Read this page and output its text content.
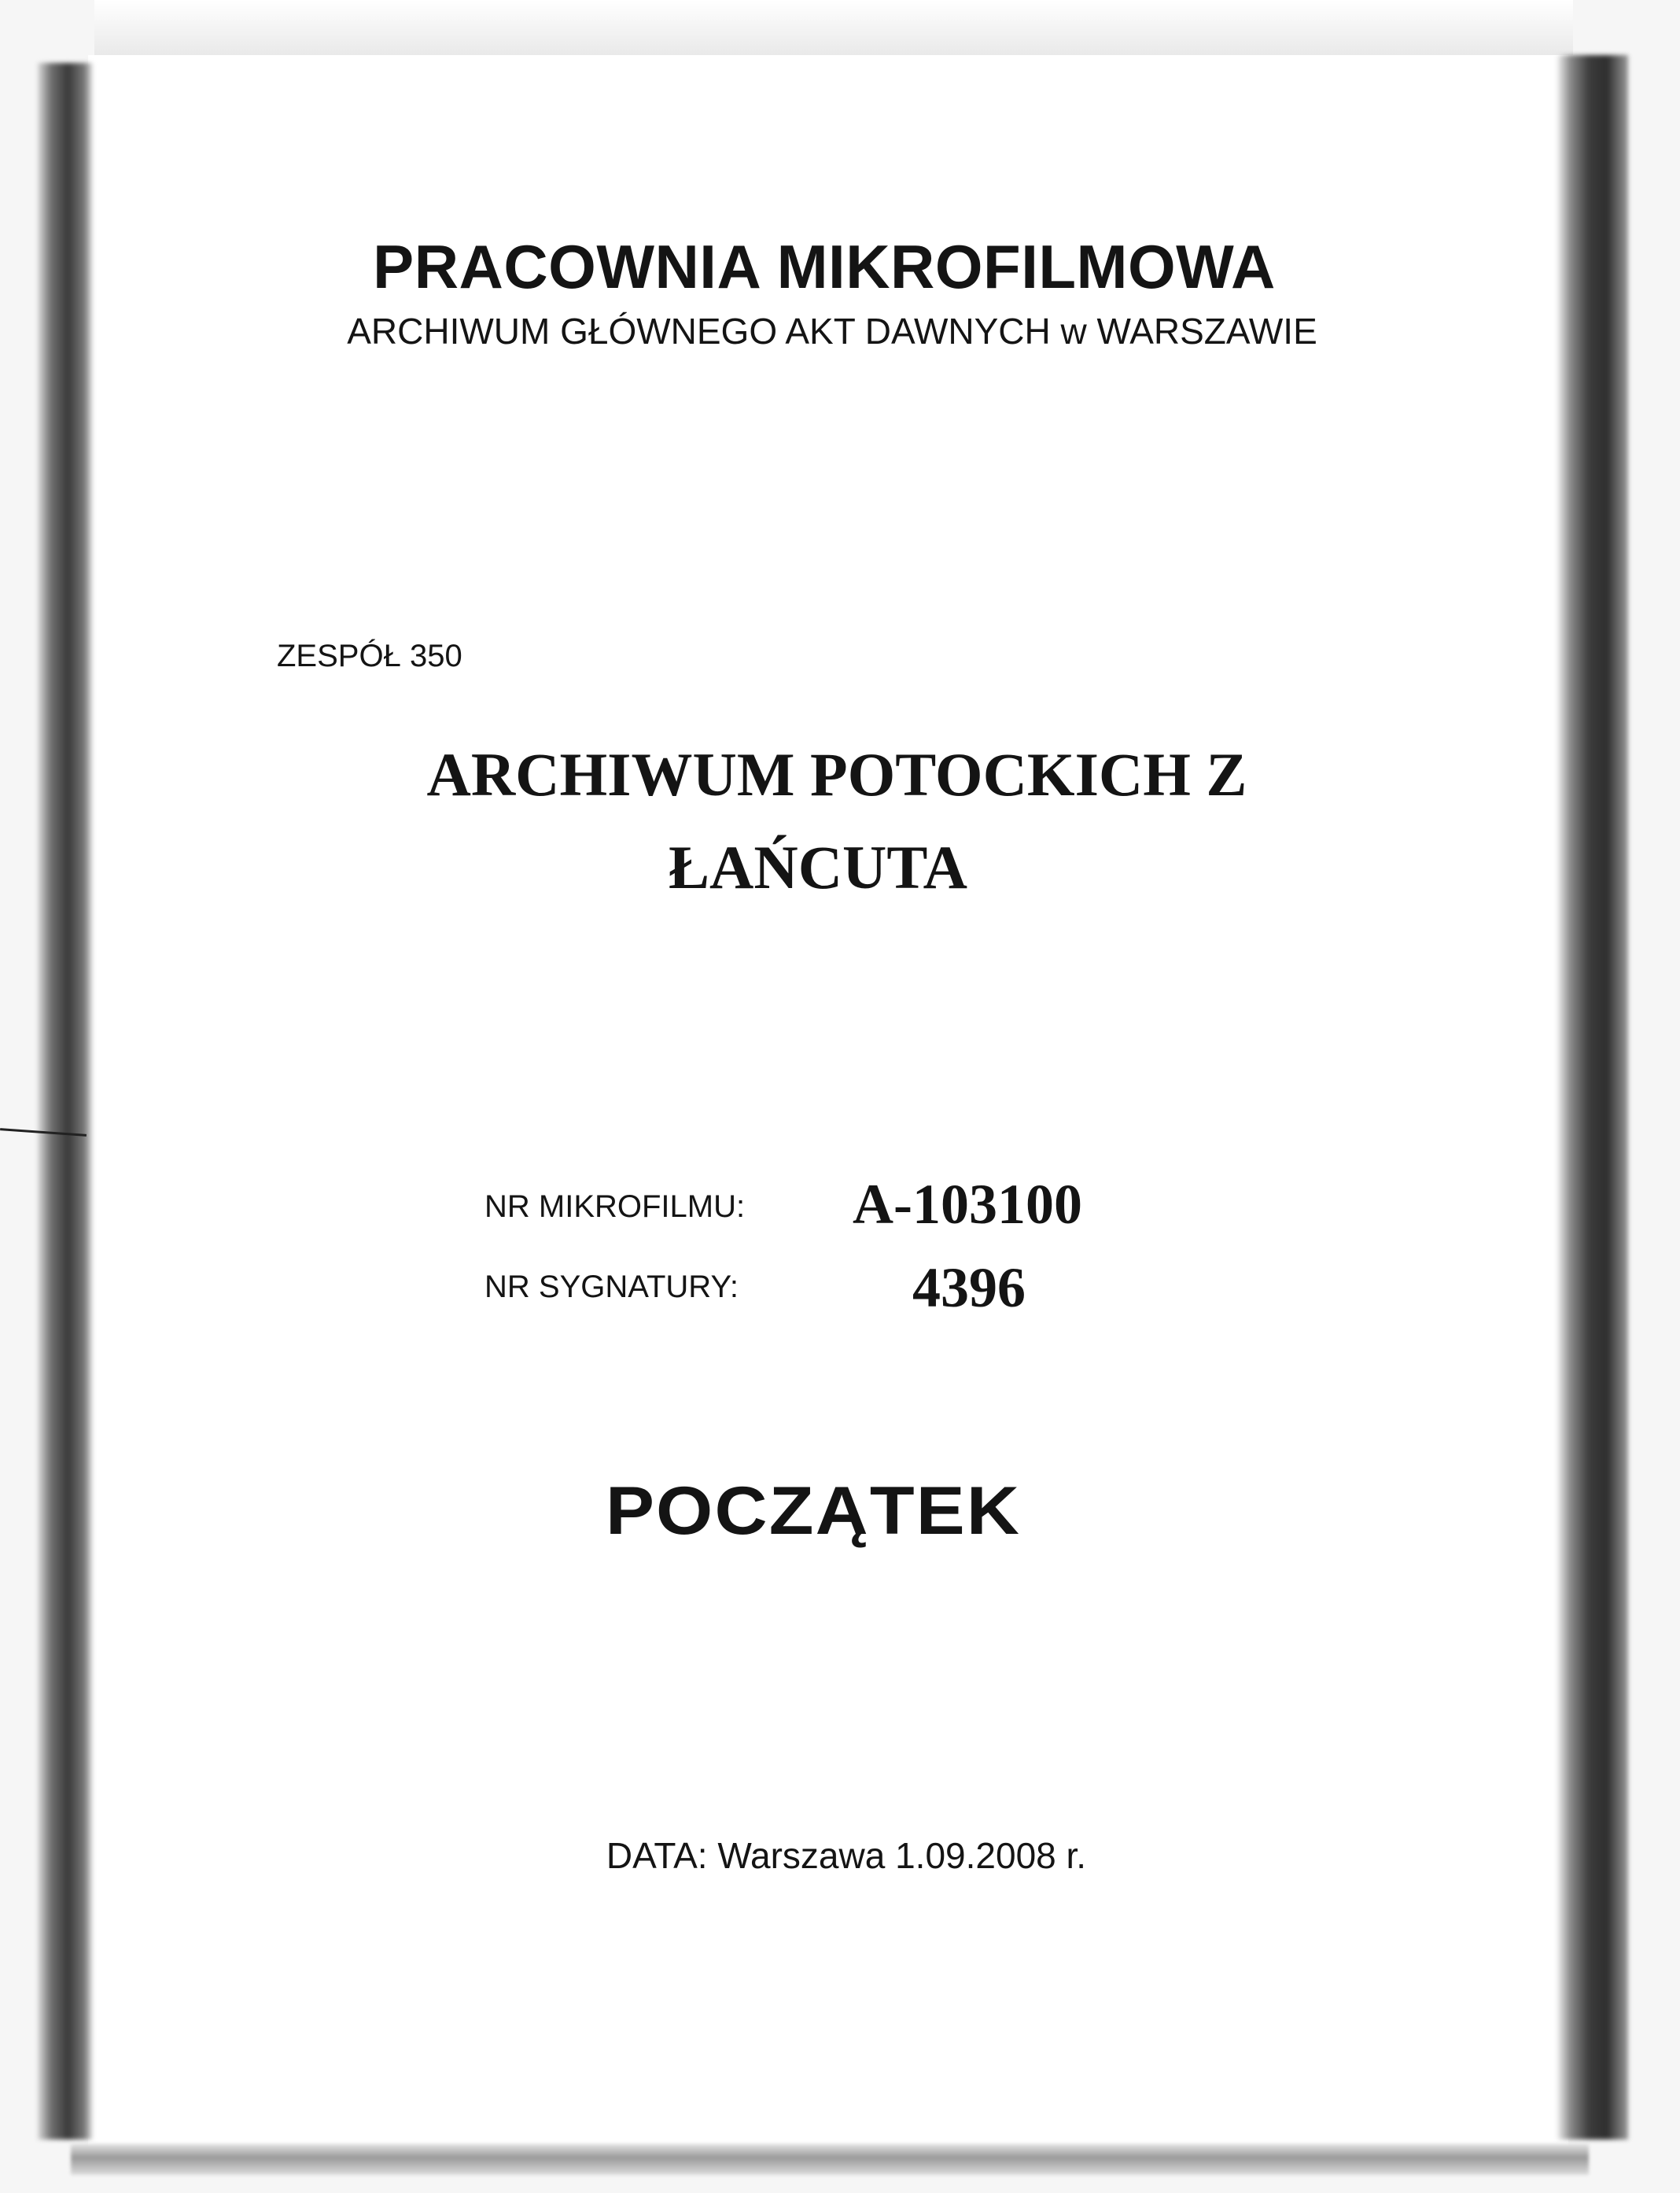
PRACOWNIA MIKROFILMOWA
ARCHIWUM GŁÓWNEGO AKT DAWNYCH w WARSZAWIE
ZESPÓŁ 350
ARCHIWUM POTOCKICH Z
ŁAŃCUTA
NR MIKROFILMU: A-103100
NR SYGNATURY:	4396
POCZĄTEK
DATA: Warszawa 1.09.2008 r.
